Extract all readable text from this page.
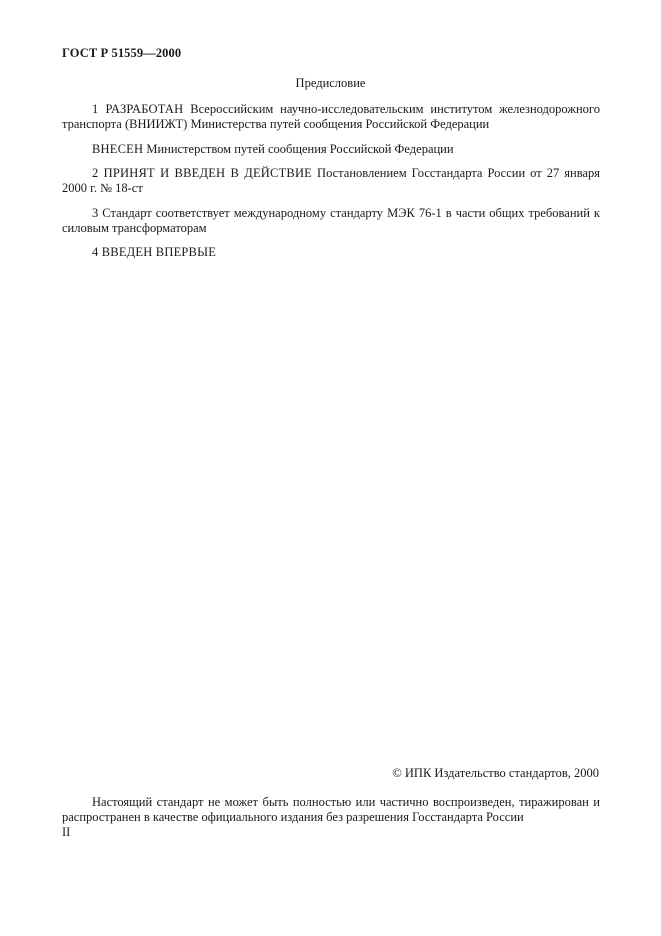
ГОСТ Р 51559—2000
Предисловие
1 РАЗРАБОТАН Всероссийским научно-исследовательским институтом железнодорожного транспорта (ВНИИЖТ) Министерства путей сообщения Российской Федерации
ВНЕСЕН Министерством путей сообщения Российской Федерации
2 ПРИНЯТ И ВВЕДЕН В ДЕЙСТВИЕ Постановлением Госстандарта России от 27 января 2000 г. № 18-ст
3 Стандарт соответствует международному стандарту МЭК 76-1 в части общих требований к силовым трансформаторам
4 ВВЕДЕН ВПЕРВЫЕ
© ИПК Издательство стандартов, 2000
Настоящий стандарт не может быть полностью или частично воспроизведен, тиражирован и распространен в качестве официального издания без разрешения Госстандарта России
II
